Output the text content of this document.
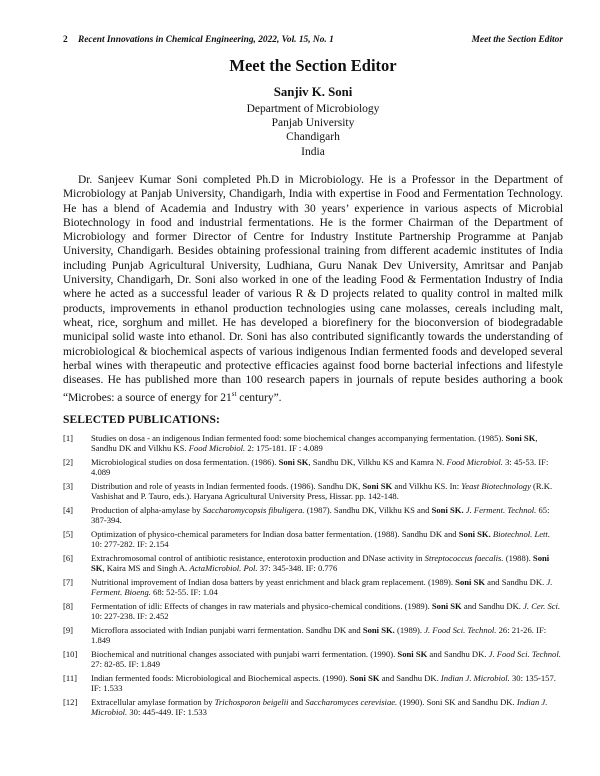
2 Recent Innovations in Chemical Engineering, 2022, Vol. 15, No. 1	Meet the Section Editor
Meet the Section Editor
Sanjiv K. Soni
Department of Microbiology
Panjab University
Chandigarh
India

Dr. Sanjeev Kumar Soni completed Ph.D in Microbiology. He is a Professor in the Department of Microbiology at Panjab University, Chandigarh, India with expertise in Food and Fermentation Technology. He has a blend of Academia and Industry with 30 years’ experience in various aspects of Microbial Biotechnology in food and industrial fermentations. He is the former Chairman of the Department of Microbiology and former Director of Centre for Industry Institute Partnership Programme at Panjab University, Chandigarh. Besides obtaining professional training from different academic institutes of India including Punjab Agricultural University, Ludhiana, Guru Nanak Dev University, Amritsar and Panjab University, Chandigarh, Dr. Soni also worked in one of the leading Food & Fermentation Industry of India where he acted as a successful leader of various R & D projects related to quality control in malted milk products, improvements in ethanol production technologies using cane molasses, cereals including malt, wheat, rice, sorghum and millet. He has developed a biorefinery for the bioconversion of biodegradable municipal solid waste into ethanol. Dr. Soni has also contributed significantly towards the understanding of microbiological & biochemical aspects of various indigenous Indian fermented foods and developed several herbal wines with therapeutic and protective efficacies against food borne bacterial infections and lifestyle diseases. He has published more than 100 research papers in journals of repute besides authoring a book “Microbes: a source of energy for 21st century”.

SELECTED PUBLICATIONS:
[1] Studies on dosa - an indigenous Indian fermented food: some biochemical changes accompanying fermentation. (1985). Soni SK, Sandhu DK and Vilkhu KS. Food Microbiol. 2: 175-181. IF : 4.089
[2] Microbiological studies on dosa fermentation. (1986). Soni SK, Sandhu DK, Vilkhu KS and Kamra N. Food Microbiol. 3: 45-53. IF: 4.089
[3] Distribution and role of yeasts in Indian fermented foods. (1986). Sandhu DK, Soni SK and Vilkhu KS. In: Yeast Biotechnology (R.K. Vashishat and P. Tauro, eds.). Haryana Agricultural University Press, Hissar. pp. 142-148.
[4] Production of alpha-amylase by Saccharomycopsis fibuligera. (1987). Sandhu DK, Vilkhu KS and Soni SK. J. Ferment. Technol. 65: 387-394.
[5] Optimization of physico-chemical parameters for Indian dosa batter fermentation. (1988). Sandhu DK and Soni SK. Biotechnol. Lett. 10: 277-282. IF: 2.154
[6] Extrachromosomal control of antibiotic resistance, enterotoxin production and DNase activity in Streptococcus faecalis. (1988). Soni SK, Kaira MS and Singh A. ActaMicrobiol. Pol. 37: 345-348. IF: 0.776
[7] Nutritional improvement of Indian dosa batters by yeast enrichment and black gram replacement. (1989). Soni SK and Sandhu DK. J. Ferment. Bioeng. 68: 52-55. IF: 1.04
[8] Fermentation of idli: Effects of changes in raw materials and physico-chemical conditions. (1989). Soni SK and Sandhu DK. J. Cer. Sci. 10: 227-238. IF: 2.452
[9] Microflora associated with Indian punjabi warri fermentation. Sandhu DK and Soni SK. (1989). J. Food Sci. Technol. 26: 21-26. IF: 1.849
[10] Biochemical and nutritional changes associated with punjabi warri fermentation. (1990). Soni SK and Sandhu DK. J. Food Sci. Technol. 27: 82-85. IF: 1.849
[11] Indian fermented foods: Microbiological and Biochemical aspects. (1990). Soni SK and Sandhu DK. Indian J. Microbiol. 30: 135-157. IF: 1.533
[12] Extracellular amylase formation by Trichosporon beigelii and Saccharomyces cerevisiae. (1990). Soni SK and Sandhu DK. Indian J. Microbiol. 30: 445-449. IF: 1.533
